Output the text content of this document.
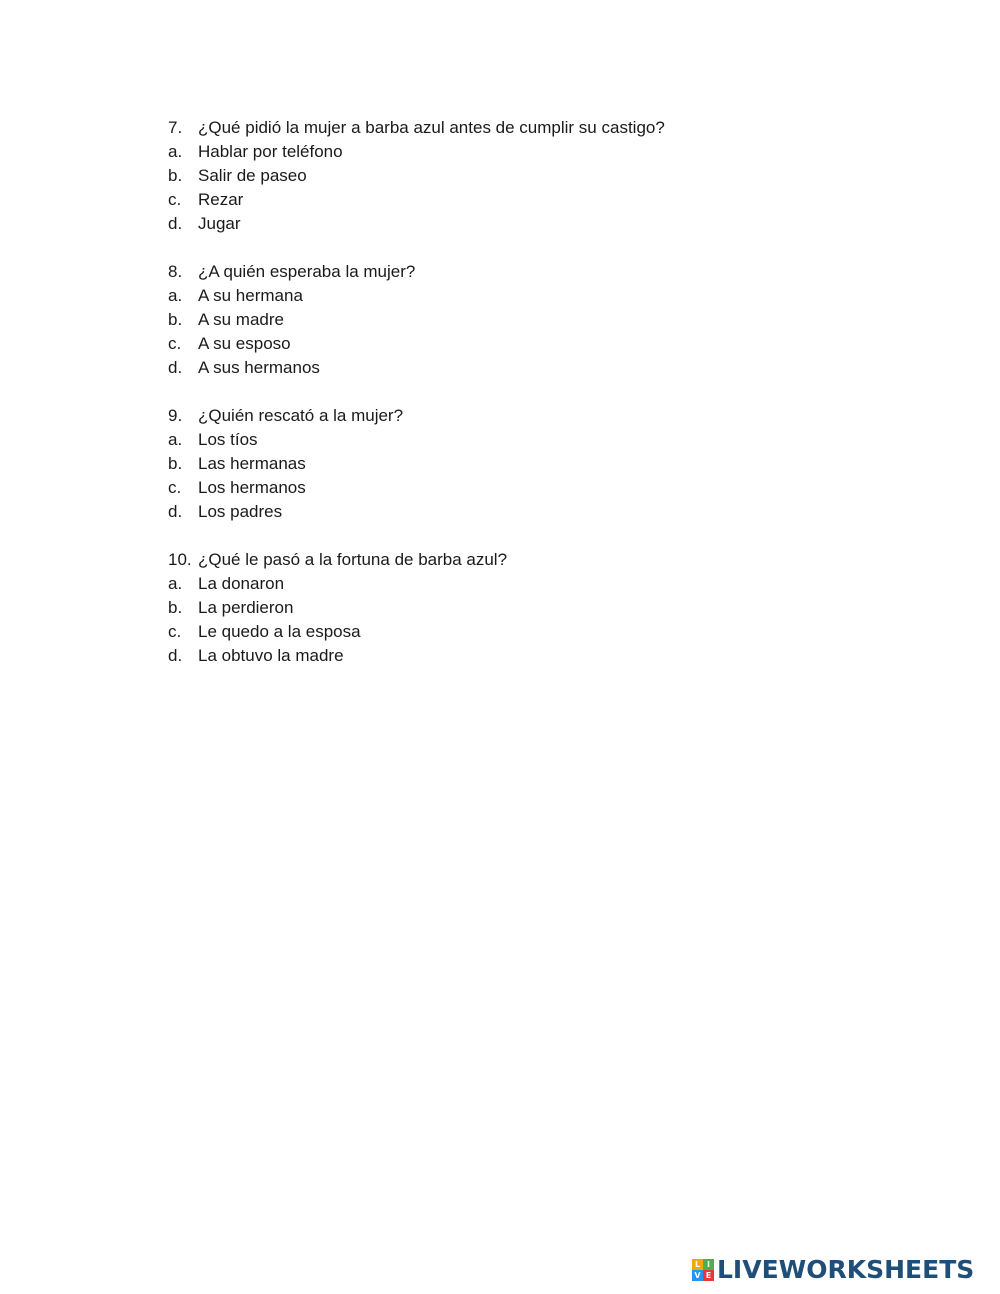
7. ¿Qué pidió la mujer a barba azul antes de cumplir su castigo?
a. Hablar por teléfono
b. Salir de paseo
c. Rezar
d. Jugar
8. ¿A quién esperaba la mujer?
a. A su hermana
b. A su madre
c. A su esposo
d. A sus hermanos
9. ¿Quién rescató a la mujer?
a. Los tíos
b. Las hermanas
c. Los hermanos
d. Los padres
10. ¿Qué le pasó a la fortuna de barba azul?
a. La donaron
b. La perdieron
c. Le quedo a la esposa
d. La obtuvo la madre
L I
V E LIVEWORKSHEETS
